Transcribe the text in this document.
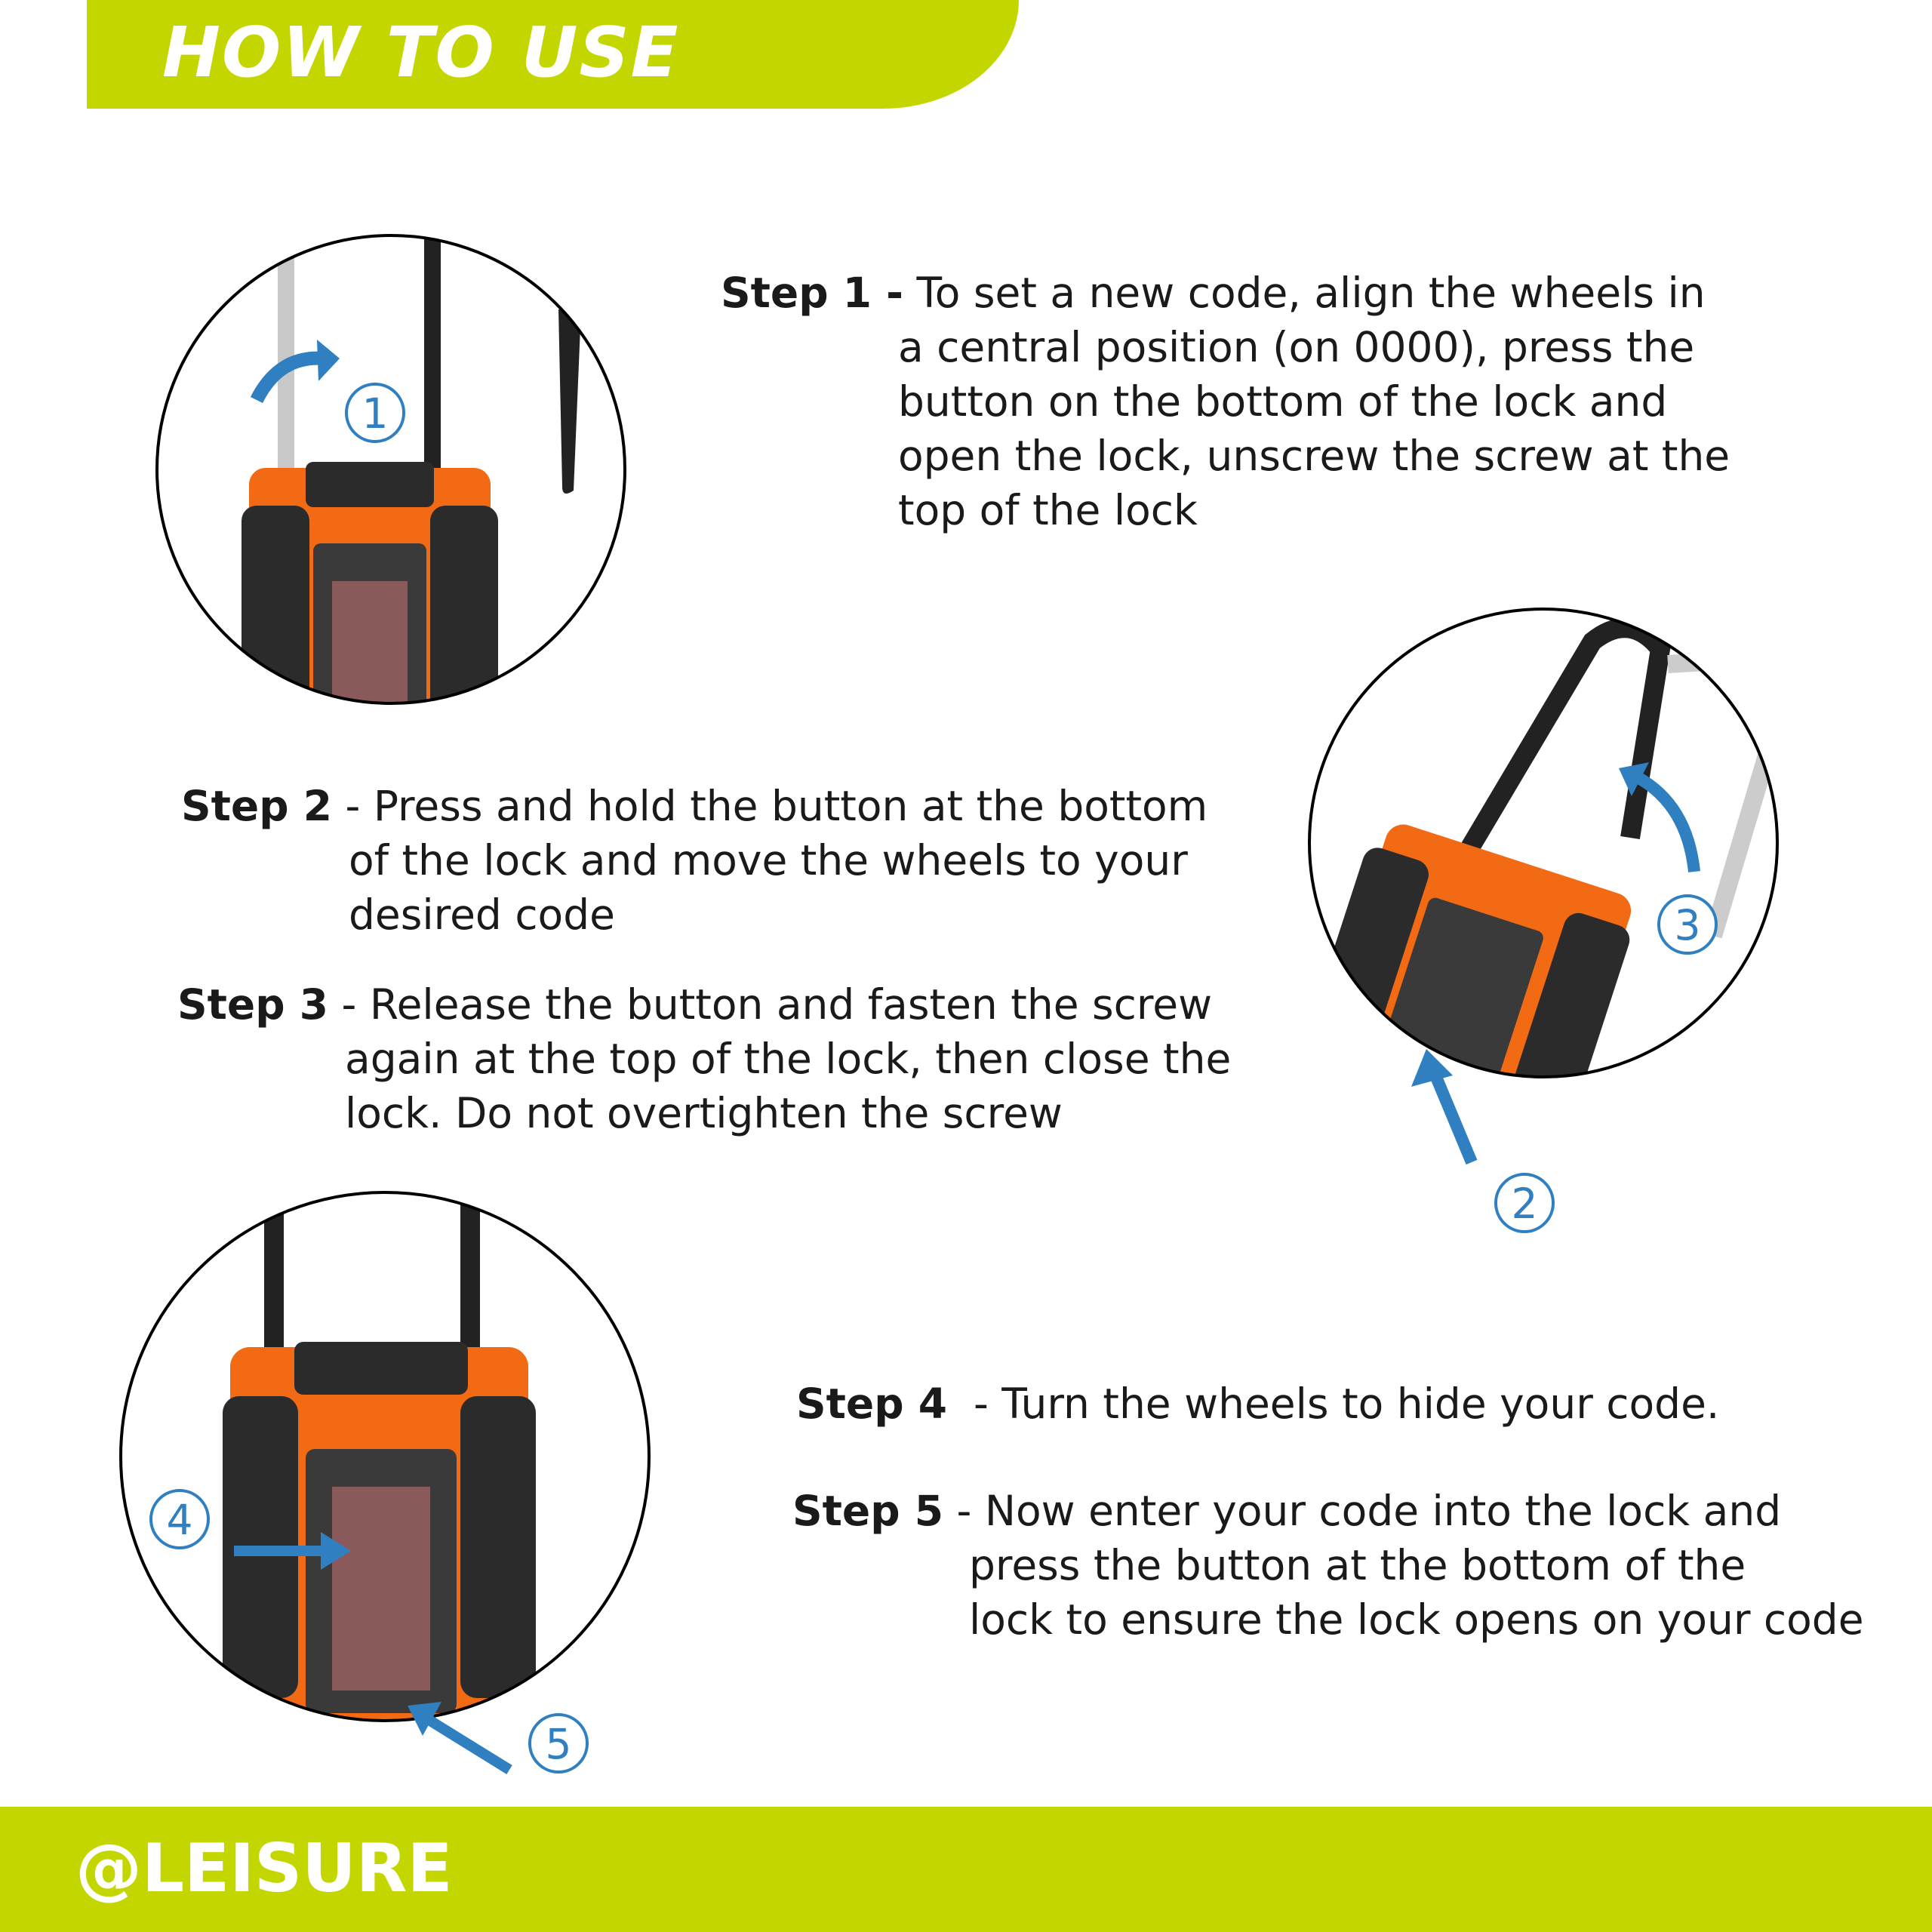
HOW TO USE
1
3
2
4
5
Step 1 - To set a new code, align the wheels in
a central position (on 0000), press the
button on the bottom of the lock and
open the lock, unscrew the screw at the
top of the lock
Step 2 - Press and hold the button at the bottom
of the lock and move the wheels to your
desired code
Step 3 - Release the button and fasten the screw
again at the top of the lock, then close the
lock. Do not overtighten the screw
Step 4  - Turn the wheels to hide your code.
Step 5 - Now enter your code into the lock and
press the button at the bottom of the
lock to ensure the lock opens on your code
@LEISURE
